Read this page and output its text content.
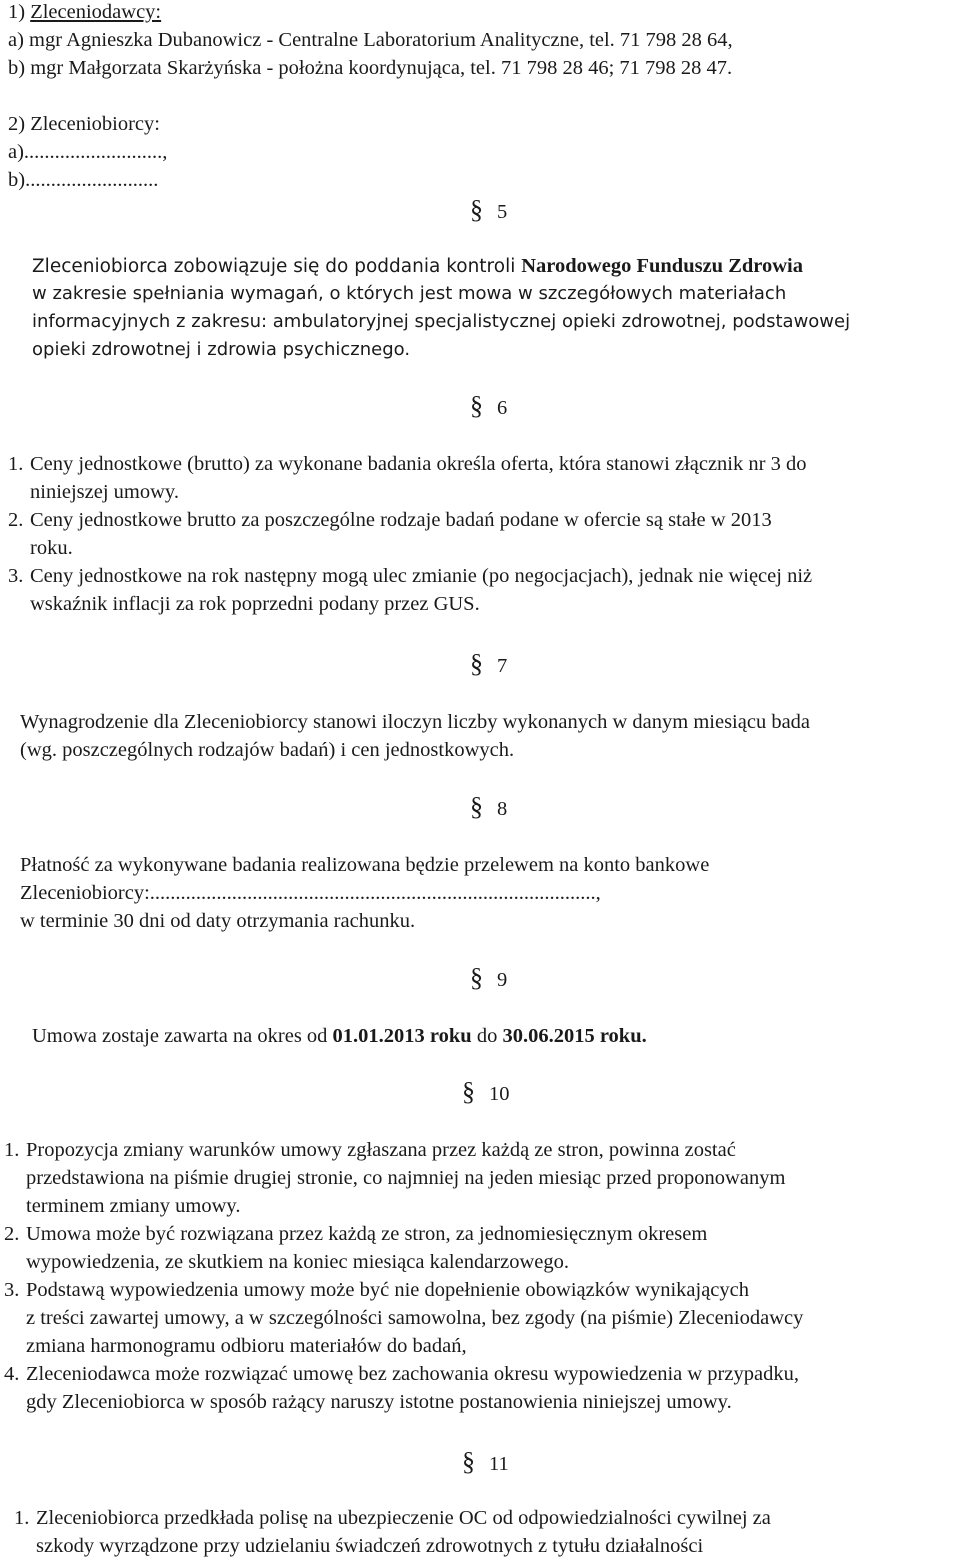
1) Zleceniodawcy:
a) mgr Agnieszka Dubanowicz - Centralne Laboratorium Analityczne, tel. 71 798 28 64,
b) mgr Małgorzata Skarżyńska - położna koordynująca, tel. 71 798 28 46; 71 798 28 47.
2) Zleceniobiorcy:
a)...........................,
b)..........................
§ 5
Zleceniobiorca zobowiązuje się do poddania kontroli Narodowego Funduszu Zdrowia
w zakresie spełniania wymagań, o których jest mowa w szczegółowych materiałach
informacyjnych z zakresu: ambulatoryjnej specjalistycznej opieki zdrowotnej, podstawowej
opieki zdrowotnej i zdrowia psychicznego.
§ 6
1. Ceny jednostkowe (brutto) za wykonane badania określa oferta, która stanowi złącznik nr 3 do
niniejszej umowy.
2. Ceny jednostkowe brutto za poszczególne rodzaje badań podane w ofercie są stałe w 2013
roku.
3. Ceny jednostkowe na rok następny mogą ulec zmianie (po negocjacjach), jednak nie więcej niż
wskaźnik inflacji za rok poprzedni podany przez GUS.
§ 7
Wynagrodzenie dla Zleceniobiorcy stanowi iloczyn liczby wykonanych w danym miesiącu bada
(wg. poszczególnych rodzajów badań) i cen jednostkowych.
§ 8
Płatność za wykonywane badania realizowana będzie przelewem na konto bankowe
Zleceniobiorcy:.......................................................................................,
w terminie 30 dni od daty otrzymania rachunku.
§ 9
Umowa zostaje zawarta na okres od 01.01.2013 roku do 30.06.2015 roku.
§ 10
1. Propozycja zmiany warunków umowy zgłaszana przez każdą ze stron, powinna zostać
przedstawiona na piśmie drugiej stronie, co najmniej na jeden miesiąc przed proponowanym
terminem zmiany umowy.
2. Umowa może być rozwiązana przez każdą ze stron, za jednomiesięcznym okresem
wypowiedzenia, ze skutkiem na koniec miesiąca kalendarzowego.
3. Podstawą wypowiedzenia umowy może być nie dopełnienie obowiązków wynikających
z treści zawartej umowy, a w szczególności samowolna, bez zgody (na piśmie) Zleceniodawcy
zmiana harmonogramu odbioru materiałów do badań,
4. Zleceniodawca może rozwiązać umowę bez zachowania okresu wypowiedzenia w przypadku,
gdy Zleceniobiorca w sposób rażący naruszy istotne postanowienia niniejszej umowy.
§ 11
1. Zleceniobiorca przedkłada polisę na ubezpieczenie OC od odpowiedzialności cywilnej za
szkody wyrządzone przy udzielaniu świadczeń zdrowotnych z tytułu działalności
